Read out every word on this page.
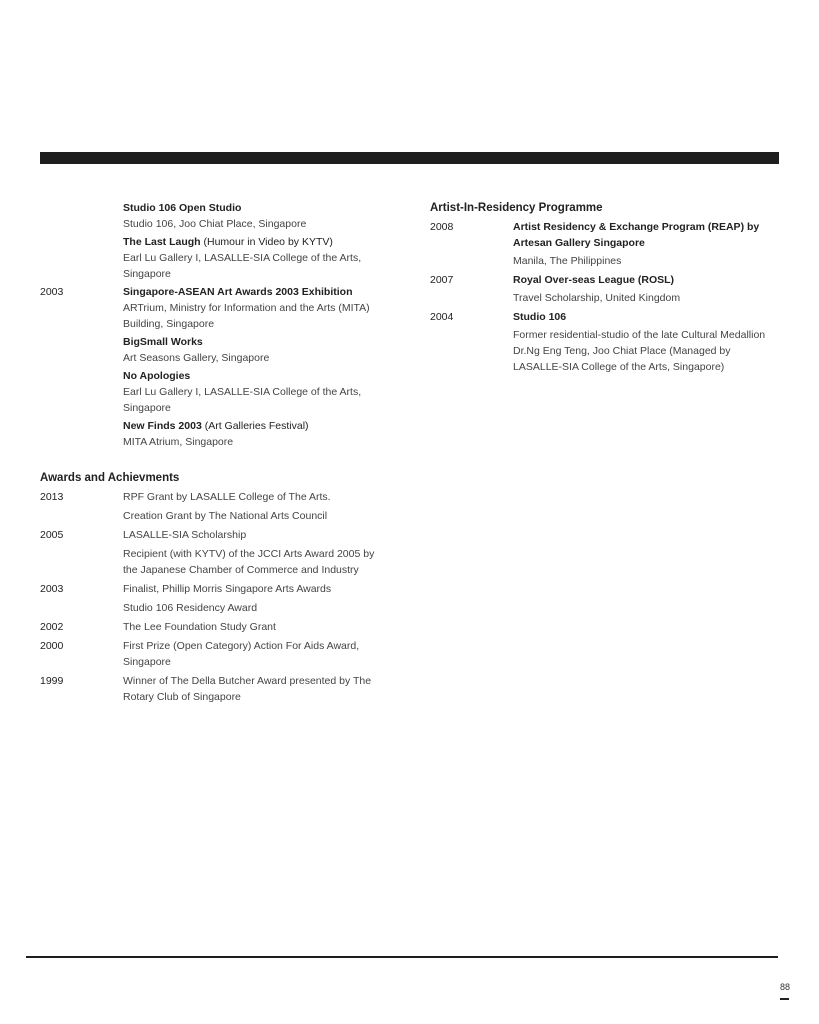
Studio 106 Open Studio
Studio 106, Joo Chiat Place, Singapore
The Last Laugh (Humour in Video by KYTV)
Earl Lu Gallery I, LASALLE-SIA College of the Arts,
Singapore
2003	Singapore-ASEAN Art Awards 2003 Exhibition
ARTrium, Ministry for Information and the Arts (MITA)
Building, Singapore
BigSmall Works
Art Seasons Gallery, Singapore
No Apologies
Earl Lu Gallery I, LASALLE-SIA College of the Arts,
Singapore
New Finds 2003 (Art Galleries Festival)
MITA Atrium, Singapore
Awards and Achievments
2013	RPF Grant by LASALLE College of The Arts.
Creation Grant by The National Arts Council
2005	LASALLE-SIA Scholarship
Recipient (with KYTV) of the JCCI Arts Award 2005 by
the Japanese Chamber of Commerce and Industry
2003	Finalist, Phillip Morris Singapore Arts Awards
Studio 106 Residency Award
2002	The Lee Foundation Study Grant
2000	First Prize (Open Category) Action For Aids Award,
Singapore
1999	Winner of The Della Butcher Award presented by The
Rotary Club of Singapore
Artist-In-Residency Programme
2008	Artist Residency & Exchange Program (REAP) by Artesan Gallery Singapore
Manila, The Philippines
2007	Royal Over-seas League (ROSL)
Travel Scholarship, United Kingdom
2004	Studio 106
Former residential-studio of the late Cultural Medallion
Dr.Ng Eng Teng, Joo Chiat Place (Managed by
LASALLE-SIA College of the Arts, Singapore)
88
